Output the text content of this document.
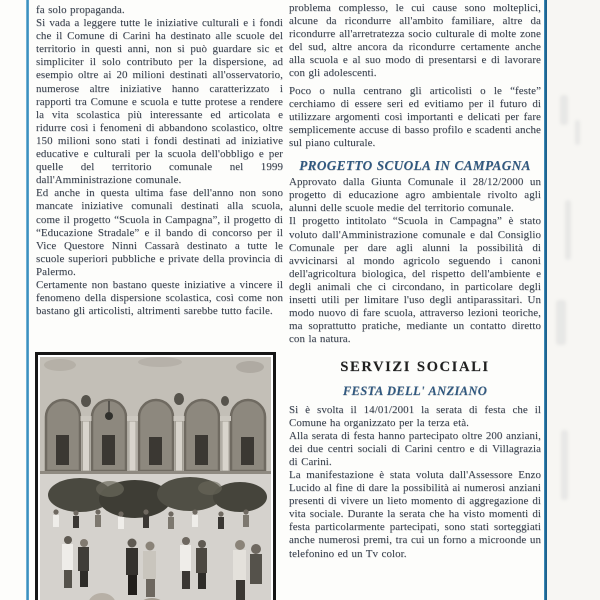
fa solo propaganda.

Si vada a leggere tutte le iniziative culturali e i fondi che il Comune di Carini ha destinato alle scuole del territorio in questi anni, non si può guardare sic et simpliciter il solo contributo per la dispersione, ad esempio oltre ai 20 milioni destinati all'osservatorio, numerose altre iniziative hanno caratterizzato i rapporti tra Comune e scuola e tutte protese a rendere la vita scolastica più interessante ed articolata e ridurre così i fenomeni di abbandono scolastico, oltre 150 milioni sono stati i fondi destinati ad iniziative educative e culturali per la scuola dell'obbligo e per quelle del territorio comunale nel 1999 dall'Amministrazione comunale.

Ed anche in questa ultima fase dell'anno non sono mancate iniziative comunali destinati alla scuola, come il progetto “Scuola in Campagna”, il progetto di “Educazione Stradale” e il bando di concorso per il Vice Questore Ninni Cassarà destinato a tutte le scuole superiori pubbliche e private della provincia di Palermo.

Certamente non bastano queste iniziative a vincere il fenomeno della dispersione scolastica, così come non bastano gli articolisti, altrimenti sarebbe tutto facile.

problema complesso, le cui cause sono molteplici, alcune da ricondurre all'ambito familiare, altre da ricondurre all'arretratezza socio culturale di molte zone del sud, altre ancora da ricondurre certamente anche alla scuola e al suo modo di presentarsi e di lavorare con gli adolescenti.

Poco o nulla centrano gli articolisti o le “feste” cerchiamo di essere seri ed evitiamo per il futuro di utilizzare argomenti così importanti e delicati per fare semplicemente accuse di basso profilo e scadenti anche sul piano culturale.

PROGETTO SCUOLA IN CAMPAGNA

Approvato dalla Giunta Comunale il 28/12/2000 un progetto di educazione agro ambientale rivolto agli alunni delle scuole medie del territorio comunale.

Il progetto intitolato “Scuola in Campagna” è stato voluto dall'Amministrazione comunale e dal Consiglio Comunale per dare agli alunni la possibilità di avvicinarsi al mondo agricolo seguendo i canoni dell'agricoltura biologica, del rispetto dell'ambiente e degli animali che ci circondano, in particolare degli insetti utili per limitare l'uso degli antiparassitari. Un modo nuovo di fare scuola, attraverso lezioni teoriche, ma soprattutto pratiche, mediante un contatto diretto con la natura.

SERVIZI SOCIALI
FESTA DELL' ANZIANO

Si è svolta il 14/01/2001 la serata di festa che il Comune ha organizzato per la terza età.

Alla serata di festa hanno partecipato oltre 200 anziani, dei due centri sociali di Carini centro e di Villagrazia di Carini.

La manifestazione è stata voluta dall'Assessore Enzo Lucido al fine di dare la possibilità ai numerosi anziani presenti di vivere un lieto momento di aggregazione di vita sociale. Durante la serata che ha visto momenti di festa particolarmente partecipati, sono stati sorteggiati anche numerosi premi, tra cui un forno a microonde un telefonino ed un Tv color.
